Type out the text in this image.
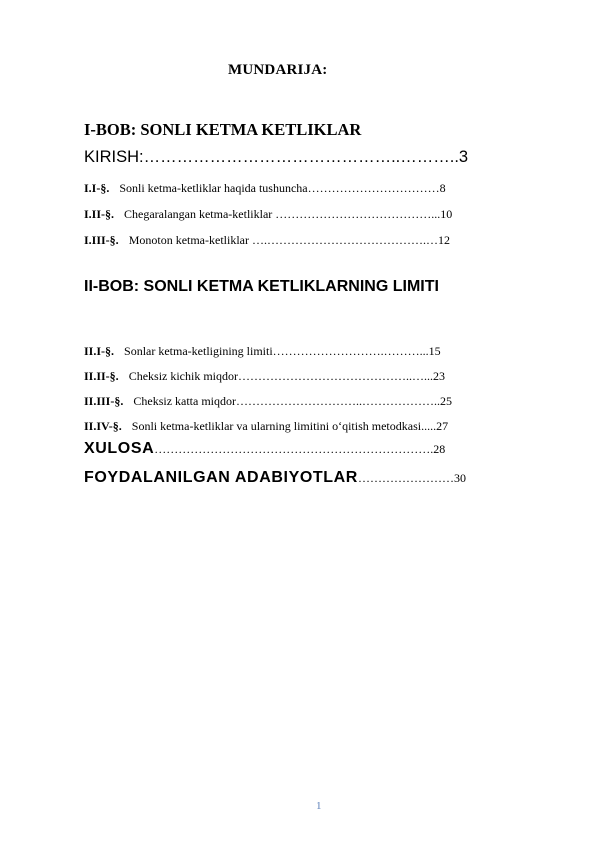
MUNDARIJA:
I-BOB: SONLI KETMA KETLIKLAR
KIRISH:………………………………………..………..3
I.I-§. Sonli ketma-ketliklar haqida tushuncha……………………………8
I.II-§. Chegaralangan ketma-ketliklar …………………………………...10
I.III-§. Monoton ketma-ketliklar ….………………………………….…12
II-BOB: SONLI KETMA KETLIKLARNING LIMITI
II.I-§. Sonlar ketma-ketligining limiti……………………….………...15
II.II-§. Cheksiz kichik miqdor……………………………………..…...23
II.III-§. Cheksiz katta miqdor…………………………..………………..25
II.IV-§. Sonli ketma-ketliklar va ularning limitini o‘qitish metodkasi.....27
XULOSA…………………………………………………………….28
FOYDALANILGAN ADABIYOTLAR……………………30
1
